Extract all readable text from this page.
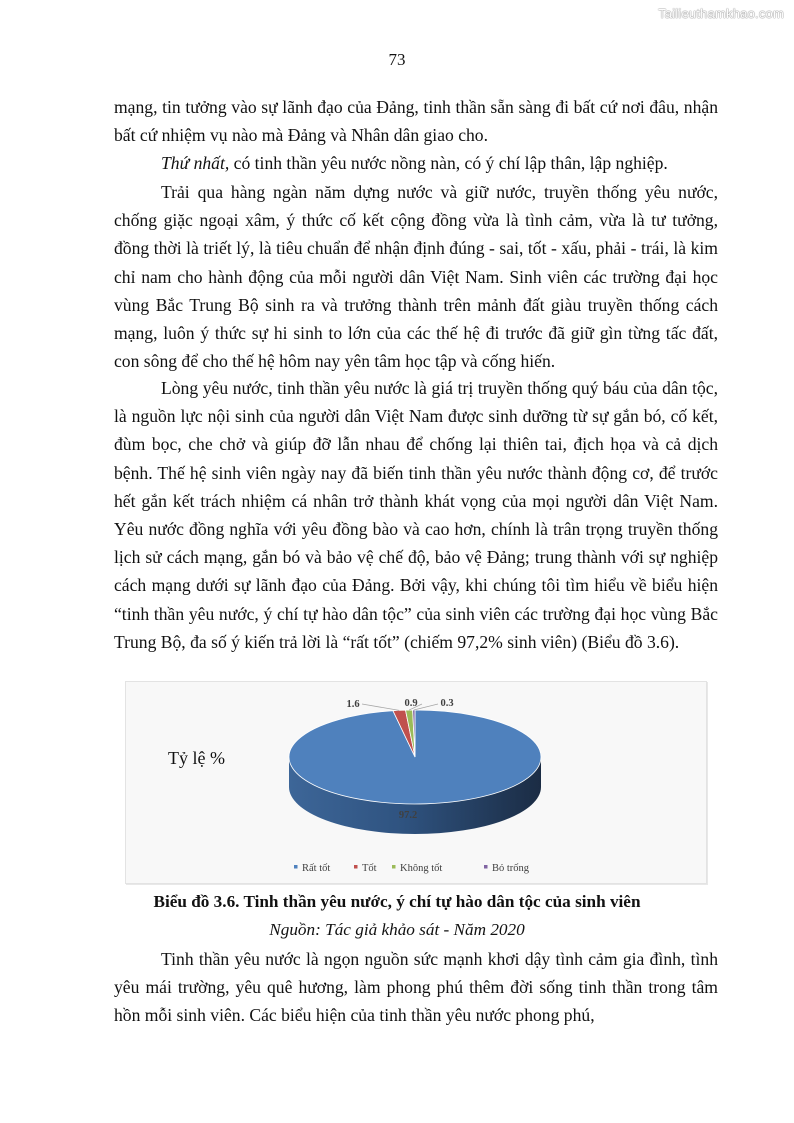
Tailieuthamkhao.com
73

mạng, tin tưởng vào sự lãnh đạo của Đảng, tinh thần sẵn sàng đi bất cứ nơi đâu, nhận bất cứ nhiệm vụ nào mà Đảng và Nhân dân giao cho.

Thứ nhất, có tinh thần yêu nước nồng nàn, có ý chí lập thân, lập nghiệp.

Trải qua hàng ngàn năm dựng nước và giữ nước, truyền thống yêu nước, chống giặc ngoại xâm, ý thức cố kết cộng đồng vừa là tình cảm, vừa là tư tưởng, đồng thời là triết lý, là tiêu chuẩn để nhận định đúng - sai, tốt - xấu, phải - trái, là kim chỉ nam cho hành động của mỗi người dân Việt Nam. Sinh viên các trường đại học vùng Bắc Trung Bộ sinh ra và trưởng thành trên mảnh đất giàu truyền thống cách mạng, luôn ý thức sự hi sinh to lớn của các thế hệ đi trước đã giữ gìn từng tấc đất, con sông để cho thế hệ hôm nay yên tâm học tập và cống hiến.

Lòng yêu nước, tinh thần yêu nước là giá trị truyền thống quý báu của dân tộc, là nguồn lực nội sinh của người dân Việt Nam được sinh dưỡng từ sự gắn bó, cố kết, đùm bọc, che chở và giúp đỡ lẫn nhau để chống lại thiên tai, địch họa và cả dịch bệnh. Thế hệ sinh viên ngày nay đã biến tinh thần yêu nước thành động cơ, để trước hết gắn kết trách nhiệm cá nhân trở thành khát vọng của mọi người dân Việt Nam. Yêu nước đồng nghĩa với yêu đồng bào và cao hơn, chính là trân trọng truyền thống lịch sử cách mạng, gắn bó và bảo vệ chế độ, bảo vệ Đảng; trung thành với sự nghiệp cách mạng dưới sự lãnh đạo của Đảng. Bởi vậy, khi chúng tôi tìm hiểu về biểu hiện “tinh thần yêu nước, ý chí tự hào dân tộc” của sinh viên các trường đại học vùng Bắc Trung Bộ, đa số ý kiến trả lời là “rất tốt” (chiếm 97,2% sinh viên) (Biểu đồ 3.6).

Tỷ lệ %
97.2
1.6	0.9 0.3
Rất tốt	Tốt Không tốt	Bỏ trống
Biểu đồ 3.6. Tinh thần yêu nước, ý chí tự hào dân tộc của sinh viên
Nguồn: Tác giả khảo sát - Năm 2020

Tinh thần yêu nước là ngọn nguồn sức mạnh khơi dậy tình cảm gia đình, tình yêu mái trường, yêu quê hương, làm phong phú thêm đời sống tinh thần trong tâm hồn mỗi sinh viên. Các biểu hiện của tinh thần yêu nước phong phú,
